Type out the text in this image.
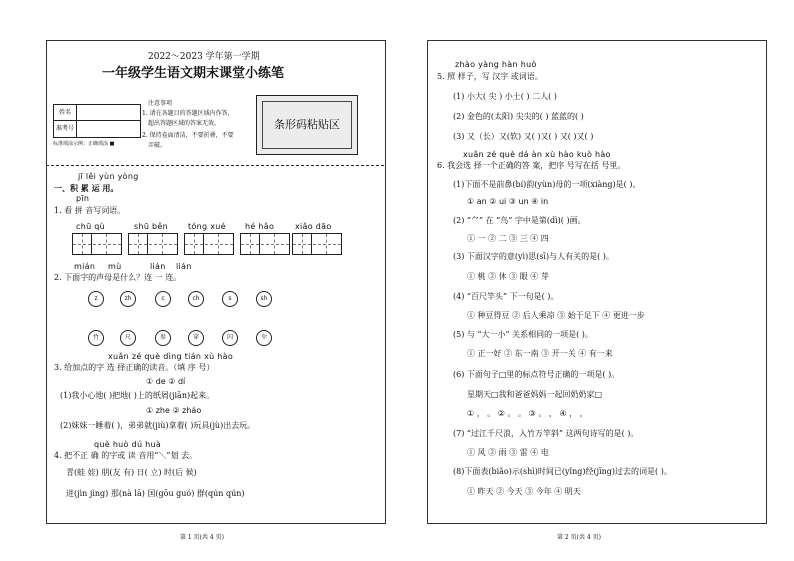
2022～2023 学年第一学期
一年级学生语文期末课堂小练笔
姓名
准考号
注意事项
1. 请在各题目的答题区域内作答，
超出答题区域的答案无效。
2. 保持卷面清洁，不要折叠，不要
弄破。
标准填涂示例：正确填涂 ■
条形码粘贴区
jī lěi yùn yòng
一、积 累 运 用。
pīn
1. 看 拼 音写词语。
chū qù	shū běn tóng xué hé hǎo	xiǎo dāo
mián mù	lián lián
2. 下面字的声母是什么？连 一 连。
z	zh	c	ch	s	sh
竹	尺	参	穿	闪	伞
xuǎn zé què dìng tián xù hào
3. 给加点的字 选 择正确的读音。（填 序 号）
① de ② dí
(1)我小心地( )把地( )上的纸屑(jiān)起来。
① zhe ② zháo
(2)妹妹一睡着( )，弟弟就(jiù)拿着( )玩具(jù)出去玩。
què huò dú huà
4. 把不正 确 的字或 读 音用“＼”划 去。
青(蛙 娃) 朋(友 有) 日( 立) 时(后 候)
进(jìn jìng) 那(nà lā) 国(gōu guó) 群(qún qún)
第 1 页(共 4 页)
zhào yàng hàn huò
5. 照 样子，写 汉字 或词语。
(1) 小大( 尖 ) 小土( ) 二人( )
(2) 金色的(太阳) 尖尖的( ) 蓝蓝的( )
(3) 又（长）又(软) 又( )又( ) 又( )又( )
xuǎn zé què dá àn xù hào kuò hào
6. 我会选 择一个正确的答 案，把序 号写在括 号里。
(1)下面不是前鼻(bí)韵(yùn)母的一项(xiàng)是( )。
① an ② ui ③ un ④ in
(2) “⺈” 在 “鸟” 字中是第(dì)( )画。
① 一 ② 二 ③ 三 ④ 四
(3) 下面汉字的意(yì)思(sī)与人有关的是( )。
① 桃 ② 休 ③ 眼 ④ 芽
(4) “百尺竿头” 下一句是( )。
① 种豆得豆 ② 后人乘凉 ③ 始于足下 ④ 更进一步
(5) 与 “大一小” 关系相同的一项是( )。
① 正一好 ② 东一南 ③ 开一关 ④ 有一来
(6) 下面句子□里的标点符号正确的一项是( )。
星期天□我和爸爸妈妈一起回奶奶家□
① ， 。 ② 。 。 ③ 。 ， ④ ， ，
(7) “过江千尺浪，入竹万竿斜” 这两句诗写的是( )。
① 风 ② 雨 ③ 雷 ④ 电
(8)下面表(biǎo)示(shì)时间已(yǐng)经(jīng)过去的词是( )。
① 昨天 ② 今天 ③ 今年 ④ 明天
第 2 页(共 4 页)
